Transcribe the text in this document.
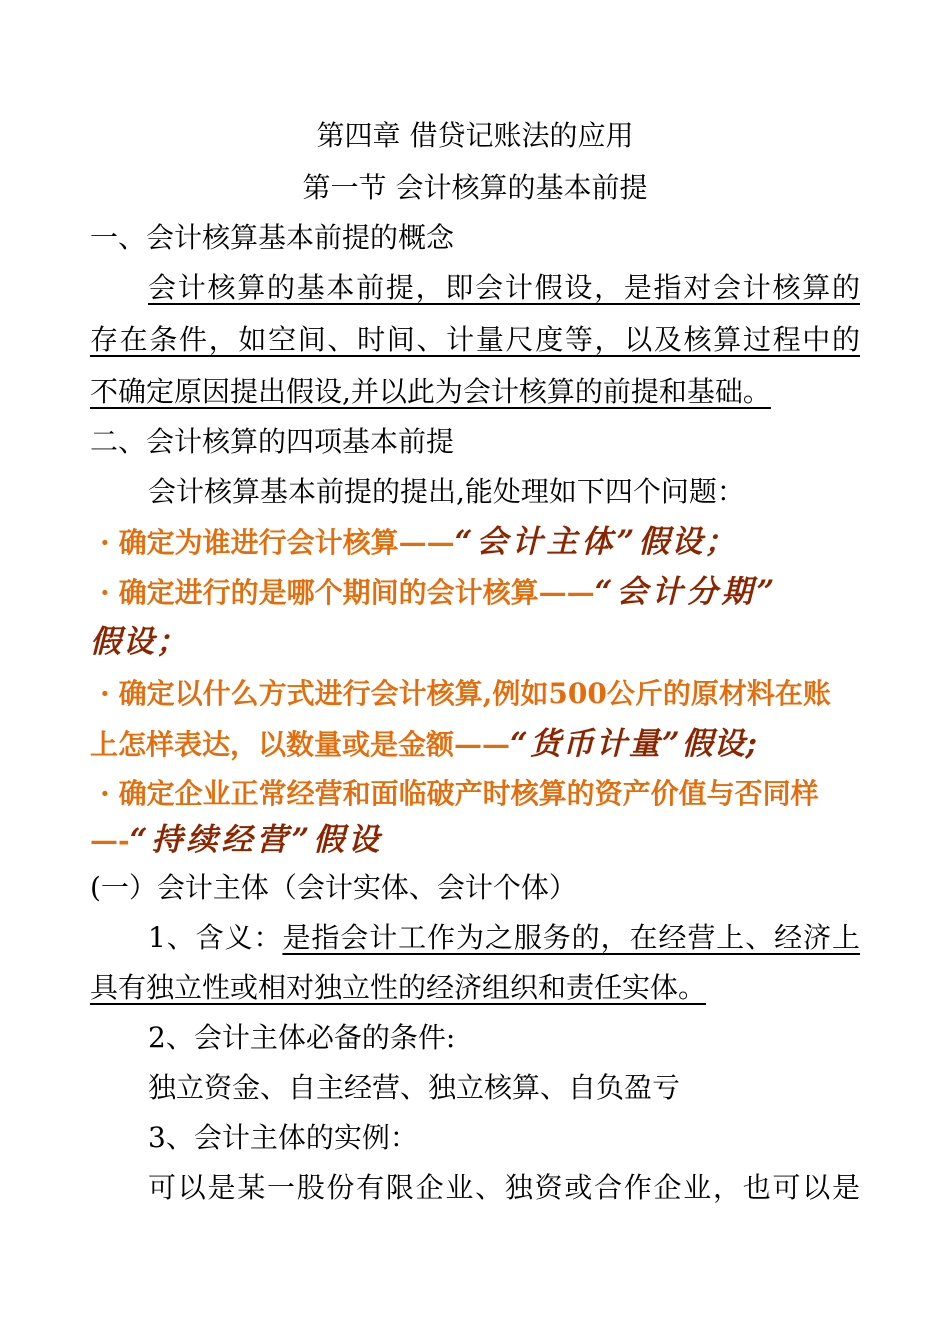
第四章 借贷记账法的应用
第一节 会计核算的基本前提
一、会计核算基本前提的概念
会计核算的基本前提，即会计假设，是指对会计核算的
存在条件，如空间、时间、计量尺度等，以及核算过程中的
不确定原因提出假设,并以此为会计核算的前提和基础。
二、会计核算的四项基本前提
会计核算基本前提的提出,能处理如下四个问题：
· 确定为谁进行会计核算——“会计主体”假设；
· 确定进行的是哪个期间的会计核算——“会计分期”
假设；
· 确定以什么方式进行会计核算,例如500公斤的原材料在账
上怎样表达，以数量或是金额——“货币计量”假设;
· 确定企业正常经营和面临破产时核算的资产价值与否同样
—-“持续经营”假设
(一）会计主体（会计实体、会计个体）
1、含义：是指会计工作为之服务的，在经营上、经济上
具有独立性或相对独立性的经济组织和责任实体。
2、会计主体必备的条件:
独立资金、自主经营、独立核算、自负盈亏
3、会计主体的实例：
可以是某一股份有限企业、独资或合作企业，也可以是
